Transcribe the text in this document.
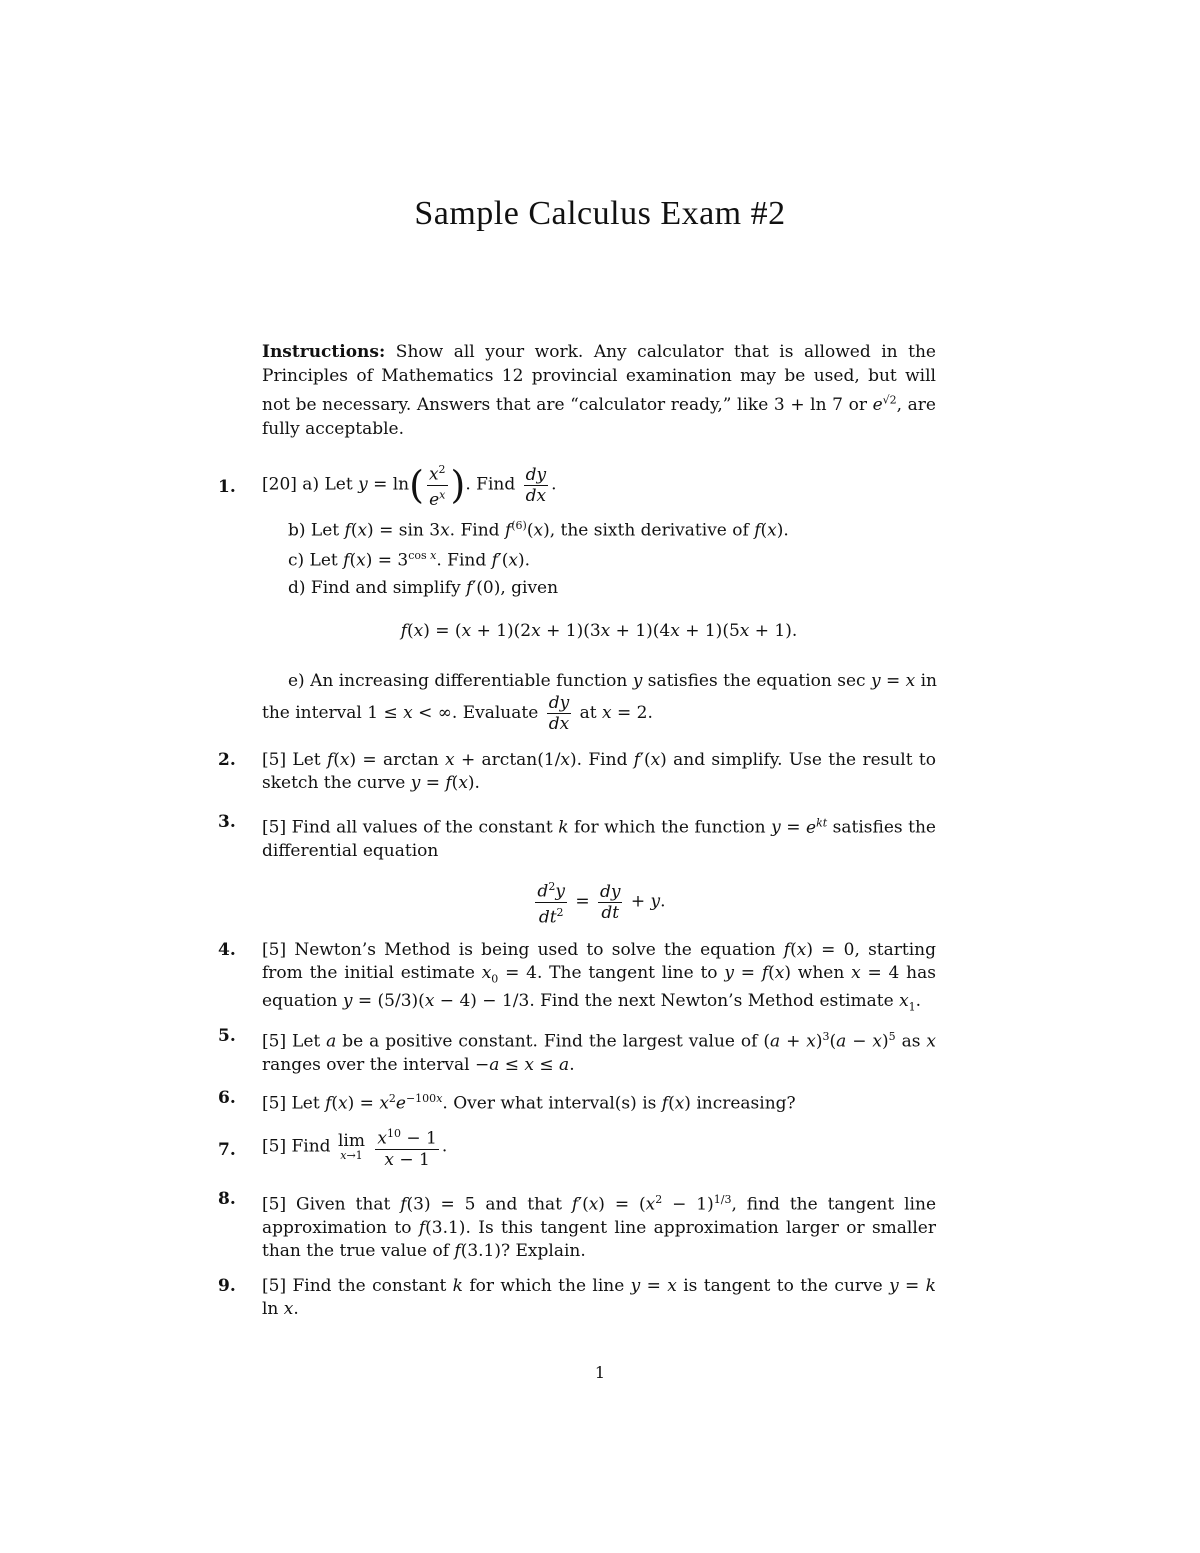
Sample Calculus Exam #2
Instructions: Show all your work. Any calculator that is allowed in the Principles of Mathematics 12 provincial examination may be used, but will not be necessary. Answers that are “calculator ready,” like 3 + ln 7 or $e^{√2}$, are fully acceptable.
1. [20] a) Let $y = \ln( \frac{x^2}{e^x}$ ). Find $\frac{dy}{dx}$ .
b) Let f(x) = sin 3x. Find $f^{(6)}(x)$, the sixth derivative of f(x).
c) Let $f(x) = 3^{cos x}$. Find f′(x).
d) Find and simplify f′(0), given
f(x) = (x + 1)(2x + 1)(3x + 1)(4x + 1)(5x + 1).
e) An increasing differentiable function y satisfies the equation sec y = x in
the interval 1 ≤ x < ∞. Evaluate $\frac{dy}{dx}$ at x = 2.
2. [5] Let f(x) = arctan x + arctan(1/x). Find f′(x) and simplify. Use the result to sketch the curve y = f(x).
3. [5] Find all values of the constant k for which the function $y = e^{kt}$ satisfies the differential equation
$\frac{d^2y}{dt^2} = \frac{dy}{dt} + y$.
4. [5] Newton’s Method is being used to solve the equation f(x) = 0, starting from the initial estimate $x_0 = 4$. The tangent line to y = f(x) when x = 4 has equation y = (5/3)(x − 4) − 1/3. Find the next Newton’s Method estimate $x_1$.
5. [5] Let a be a positive constant. Find the largest value of $(a + x)^3(a - x)^5$ as x ranges over the interval −a ≤ x ≤ a.
6. [5] Let $f(x) = x^2e^{-100x}$. Over what interval(s) is f(x) increasing?
7. [5] Find lim
x→1
$\frac{x^{10} - 1}{x - 1}$ .
8. [5] Given that f(3) = 5 and that $f'(x) = (x^2 - 1)^{1/3}$, find the tangent line approximation to f(3.1). Is this tangent line approximation larger or smaller than the true value of f(3.1)? Explain.
9. [5] Find the constant k for which the line y = x is tangent to the curve y = k ln x.
1
